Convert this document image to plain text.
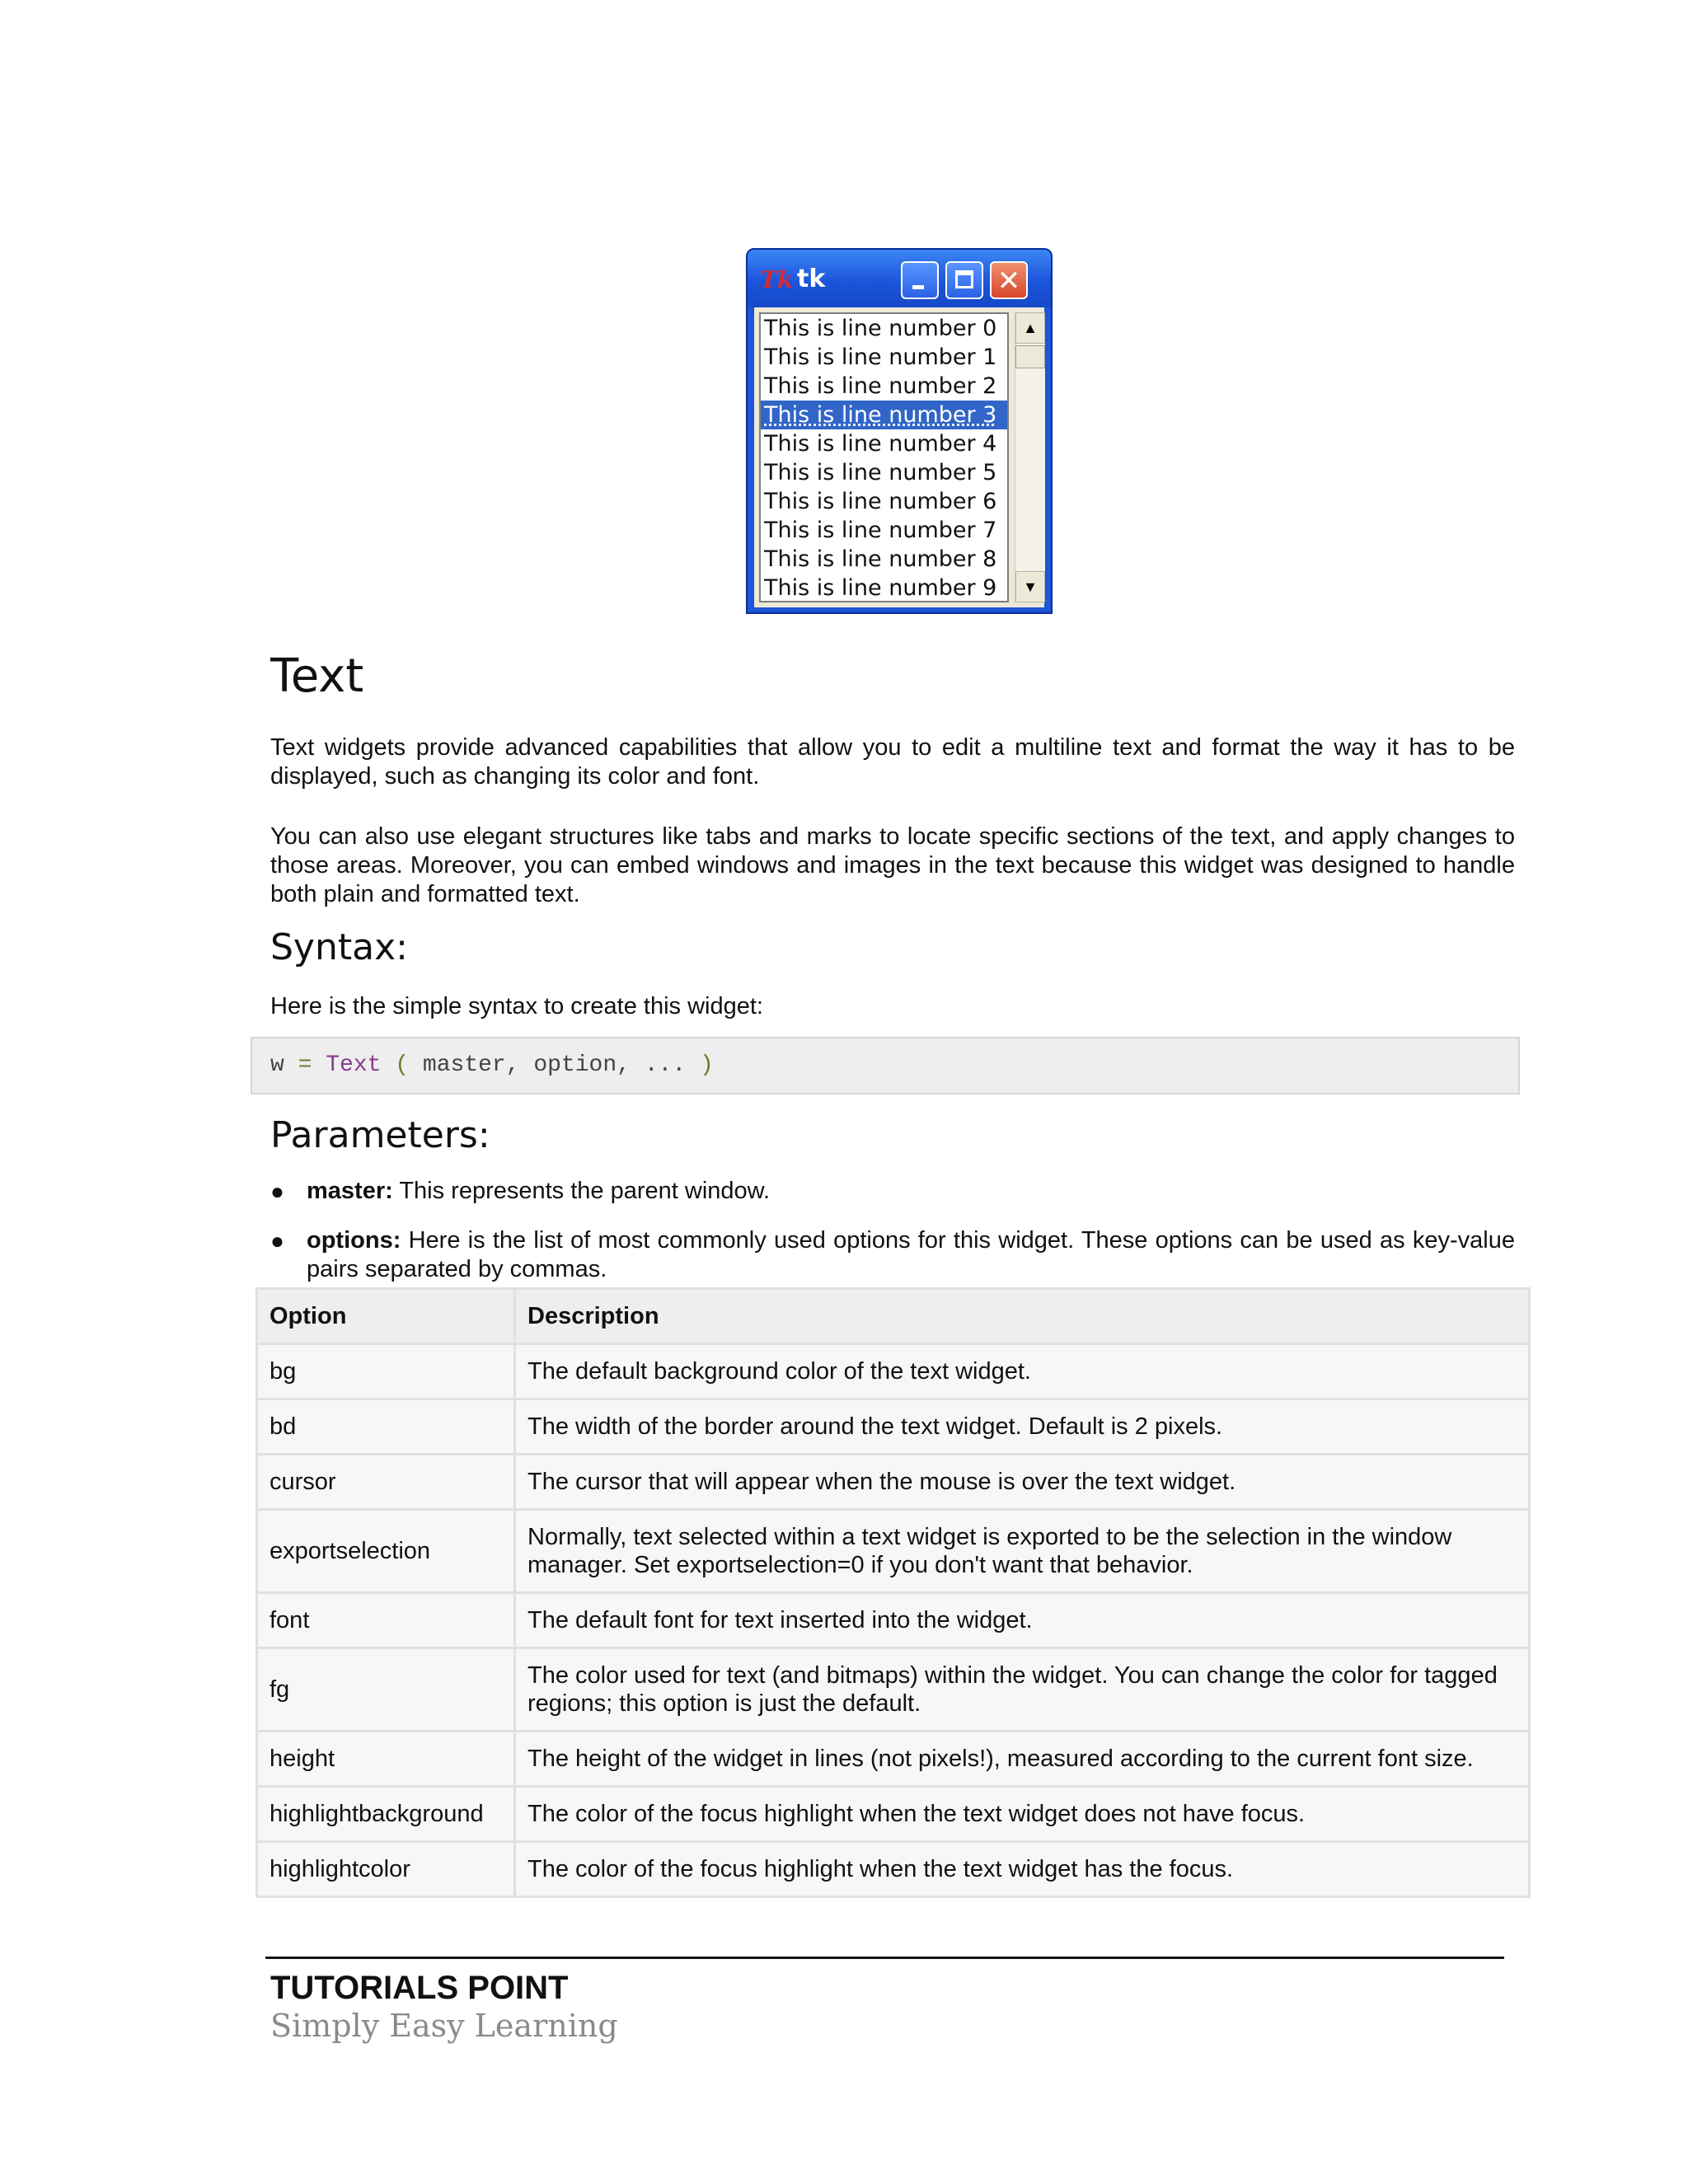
Tk tk	✕
This is line number 0
This is line number 1
This is line number 2
This is line number 3
This is line number 4
This is line number 5
This is line number 6
This is line number 7
This is line number 8
This is line number 9
▲
▼
Text

Text widgets provide advanced capabilities that allow you to edit a multiline text and format the way it has to be displayed, such as changing its color and font.

You can also use elegant structures like tabs and marks to locate specific sections of the text, and apply changes to those areas. Moreover, you can embed windows and images in the text because this widget was designed to handle both plain and formatted text.

Syntax:

Here is the simple syntax to create this widget:

w = Text ( master, option, ... )
Parameters:
● master: This represents the parent window.
● options: Here is the list of most commonly used options for this widget. These options can be used as key-value pairs separated by commas.
Option	Description
bg	The default background color of the text widget.
bd	The width of the border around the text widget. Default is 2 pixels.
cursor	The cursor that will appear when the mouse is over the text widget.
exportselection	Normally, text selected within a text widget is exported to be the selection in the window manager. Set exportselection=0 if you don't want that behavior.
font	The default font for text inserted into the widget.
fg	The color used for text (and bitmaps) within the widget. You can change the color for tagged regions; this option is just the default.
height	The height of the widget in lines (not pixels!), measured according to the current font size.
highlightbackground	The color of the focus highlight when the text widget does not have focus.
highlightcolor	The color of the focus highlight when the text widget has the focus.
TUTORIALS POINT
Simply Easy Learning
